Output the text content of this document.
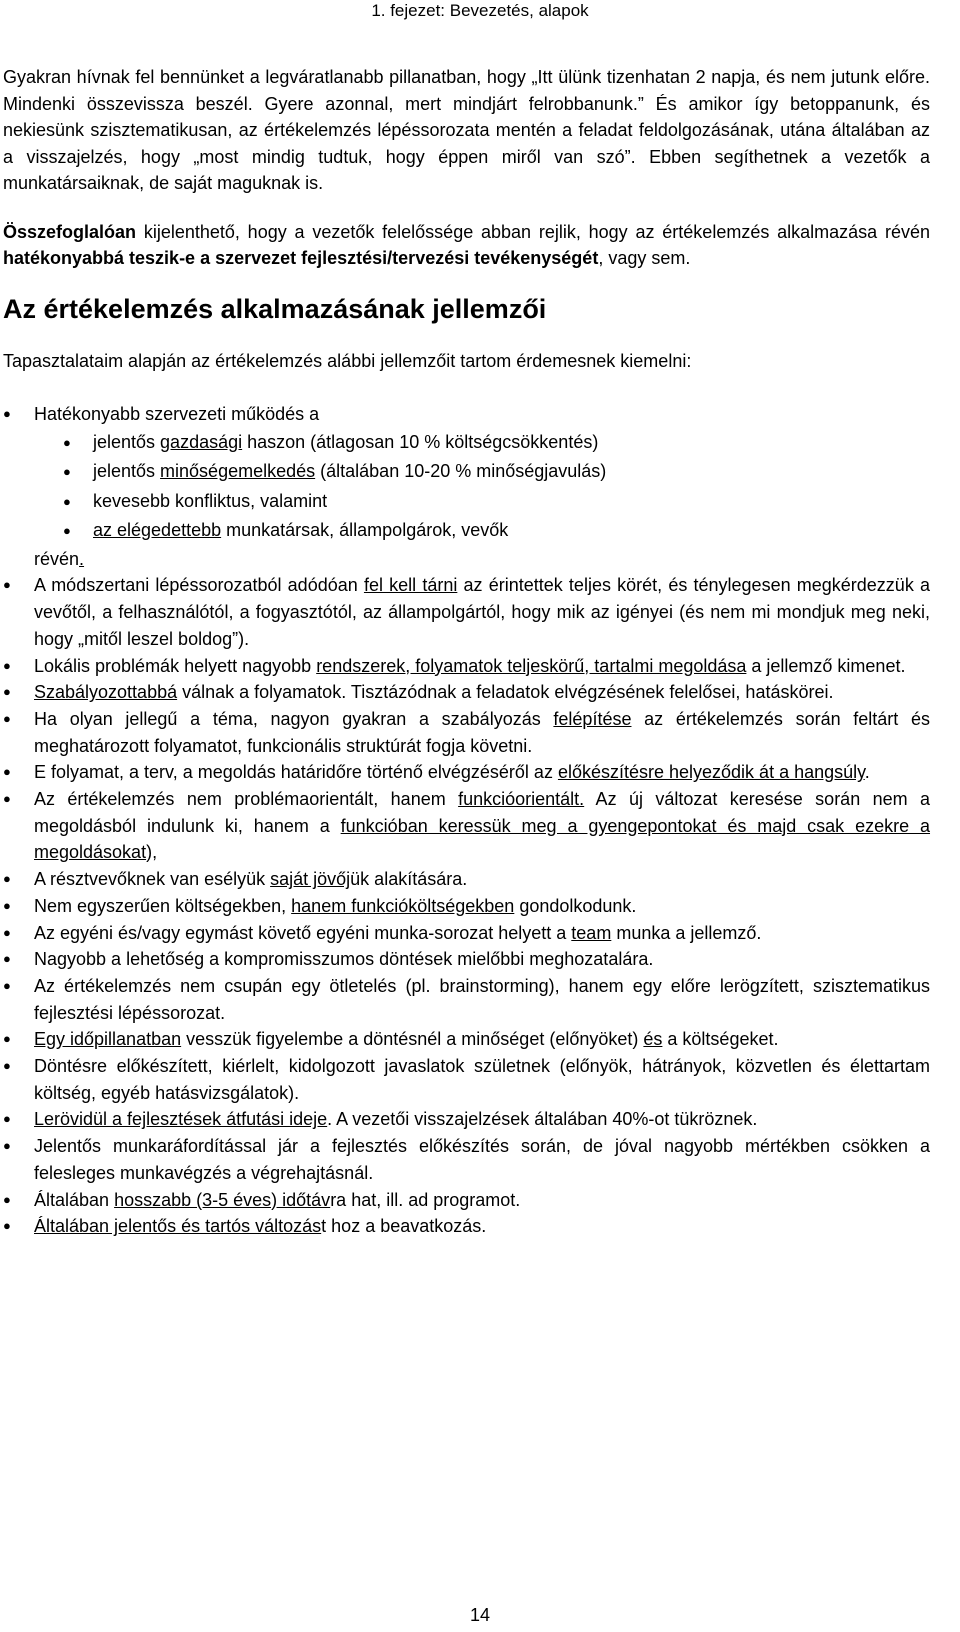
1. fejezet: Bevezetés, alapok

Gyakran hívnak fel bennünket a legváratlanabb pillanatban, hogy „Itt ülünk tizenhatan 2 napja, és nem jutunk előre. Mindenki összevissza beszél. Gyere azonnal, mert mindjárt felrobbanunk.” És amikor így betoppanunk, és nekiesünk szisztematikusan, az értékelemzés lépéssorozata mentén a feladat feldolgozásának, utána általában az a visszajelzés, hogy „most mindig tudtuk, hogy éppen miről van szó”. Ebben segíthetnek a vezetők a munkatársaiknak, de saját maguknak is.

Összefoglalóan kijelenthető, hogy a vezetők felelőssége abban rejlik, hogy az értékelemzés alkalmazása révén hatékonyabbá teszik-e a szervezet fejlesztési/tervezési tevékenységét, vagy sem.

Az értékelemzés alkalmazásának jellemzői

Tapasztalataim alapján az értékelemzés alábbi jellemzőit tartom érdemesnek kiemelni:

● Hatékonyabb szervezeti működés a
● jelentős gazdasági haszon (átlagosan 10 % költségcsökkentés)
● jelentős minőségemelkedés (általában 10-20 % minőségjavulás)
● kevesebb konfliktus, valamint
● az elégedettebb munkatársak, állampolgárok, vevők
révén.
● A módszertani lépéssorozatból adódóan fel kell tárni az érintettek teljes körét, és ténylegesen megkérdezzük a vevőtől, a felhasználótól, a fogyasztótól, az állampolgártól, hogy mik az igényei (és nem mi mondjuk meg neki, hogy „mitől leszel boldog”).
● Lokális problémák helyett nagyobb rendszerek, folyamatok teljeskörű, tartalmi megoldása a jellemző kimenet.
● Szabályozottabbá válnak a folyamatok. Tisztázódnak a feladatok elvégzésének felelősei, hatáskörei.
● Ha olyan jellegű a téma, nagyon gyakran a szabályozás felépítése az értékelemzés során feltárt és meghatározott folyamatot, funkcionális struktúrát fogja követni.
● E folyamat, a terv, a megoldás határidőre történő elvégzéséről az előkészítésre helyeződik át a hangsúly.
● Az értékelemzés nem problémaorientált, hanem funkcióorientált. Az új változat keresése során nem a megoldásból indulunk ki, hanem a funkcióban keressük meg a gyengepontokat és majd csak ezekre a megoldásokat),
● A résztvevőknek van esélyük saját jövőjük alakítására.
● Nem egyszerűen költségekben, hanem funkcióköltségekben gondolkodunk.
● Az egyéni és/vagy egymást követő egyéni munka-sorozat helyett a team munka a jellemző.
● Nagyobb a lehetőség a kompromisszumos döntések mielőbbi meghozatalára.
● Az értékelemzés nem csupán egy ötletelés (pl. brainstorming), hanem egy előre lerögzített, szisztematikus fejlesztési lépéssorozat.
● Egy időpillanatban vesszük figyelembe a döntésnél a minőséget (előnyöket) és a költségeket.
● Döntésre előkészített, kiérlelt, kidolgozott javaslatok születnek (előnyök, hátrányok, közvetlen és élettartam költség, egyéb hatásvizsgálatok).
● Lerövidül a fejlesztések átfutási ideje. A vezetői visszajelzések általában 40%-ot tükröznek.
● Jelentős munkaráfordítással jár a fejlesztés előkészítés során, de jóval nagyobb mértékben csökken a felesleges munkavégzés a végrehajtásnál.
● Általában hosszabb (3-5 éves) időtávra hat, ill. ad programot.
● Általában jelentős és tartós változást hoz a beavatkozás.
14
